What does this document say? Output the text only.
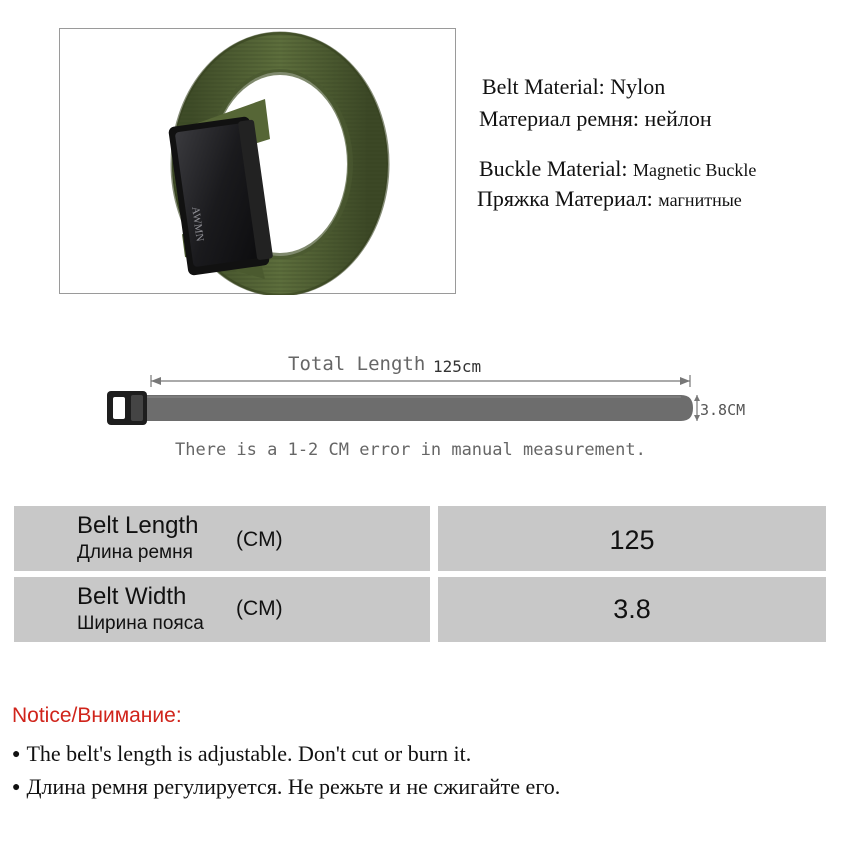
AWMN
Belt Material: Nylon
Материал ремня: нейлон
Buckle Material: Magnetic Buckle
Пряжка Материал: магнитные
Total Length 125cm
3.8CM
There is a 1-2 CM error in manual measurement.
Belt Length
Длина ремня
(CM)	125
Belt Width
Ширина пояса
(CM)	3.8
Notice/Внимание:
● The belt's length is adjustable. Don't cut or burn it.
● Длина ремня регулируется. Не режьте и не сжигайте его.
